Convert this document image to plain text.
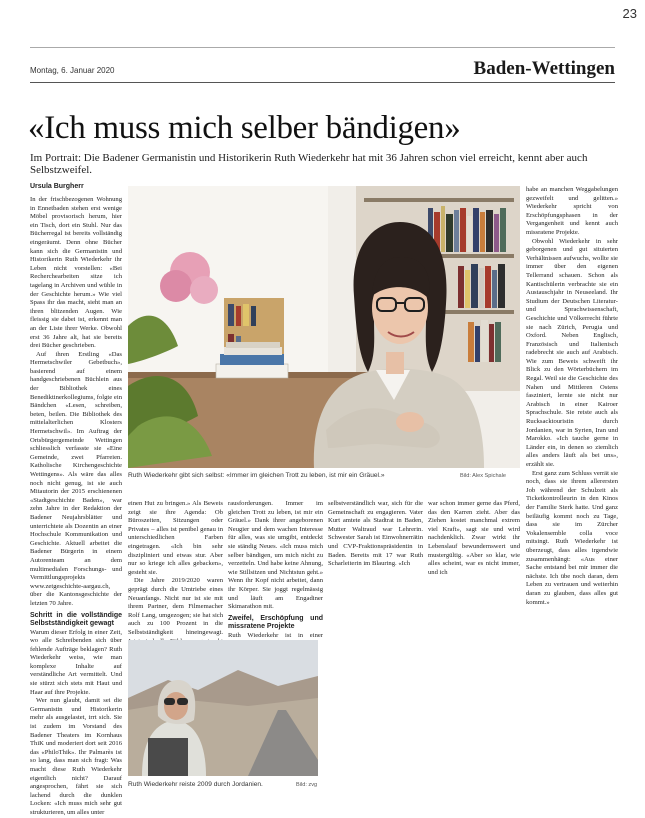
23
Montag, 6. Januar 2020	Baden-Wettingen
«Ich muss mich selber bändigen»
Im Portrait: Die Badener Germanistin und Historikerin Ruth Wiederkehr hat mit 36 Jahren schon viel erreicht, kennt aber auch Selbstzweifel.
Ursula Burgherr

In der frischbezogenen Wohnung in Ennetbaden stehen erst wenige Möbel provisorisch herum, hier ein Tisch, dort ein Stuhl. Nur das Bücherregal ist bereits vollständig eingeräumt. Denn ohne Bücher kann sich die Germanistin und Historikerin Ruth Wiederkehr ihr Leben nicht vorstellen: «Bei Recherchearbeiten sitze ich tagelang in Archiven und wühle in der Geschichte herum.» Wie viel Spass ihr das macht, sieht man an ihren blitzenden Augen. Wie fleissig sie dabei ist, erkennt man an der Liste ihrer Werke. Obwohl erst 36 Jahre alt, hat sie bereits drei Bücher geschrieben.

Auf ihren Erstling «Das Hermetschwiler Gebetbuch», basierend auf einem handgeschriebenen Büchlein aus der Bibliothek eines Benediktinerkollegiums, folgte ein Bändchen «Lesen, schreiben, beten, beilen. Die Bibliothek des mittelalterlichen Klosters Hermetschwil». Im Auftrag der Ortsbürgergemeinde Wettingen schliesslich verfasste sie «Eine Gemeinde, zwei Pfarreien. Katholische Kirchengeschichte Wettingens». Als wäre das alles noch nicht genug, ist sie auch Mitautorin der 2015 erschienenen «Stadtgeschichte Baden», war zehn Jahre in der Redaktion der Badener Neujahrsblätter und unterrichtete als Dozentin an einer Hochschule Kommunikation und Geschichte. Aktuell arbeitet die Badener Bürgerin in einem Autorenteam an dem multimedialen Forschungs- und Vermittlungsprojekts www.zetgeschichte-aargau.ch, über die Kantonsgeschichte der letzten 70 Jahre.

Schritt in die vollständige Selbstständigkeit gewagt

Warum dieser Erfolg in einer Zeit, wo alle Schreibenden sich über fehlende Aufträge beklagen? Ruth Wiederkehr weiss, wie man komplexe Inhalte auf verständliche Art vermittelt. Und sie stürzt sich stets mit Haut und Haar auf ihre Projekte.

Wer nun glaubt, damit sei die Germanistin und Historikerin mehr als ausgelastet, irrt sich. Sie ist zudem im Vorstand des Badener Theaters im Kornhaus ThiK und moderiert dort seit 2016 das «PhiloThik». Ihr Palmarès ist so lang, dass man sich fragt: Was macht diese Ruth Wiederkehr eigentlich nicht? Darauf angesprochen, fährt sie sich lachend durch die dunklen Locken: «Ich muss mich sehr gut strukturieren, um alles unter

Ruth Wiederkehr gibt sich selbst: «Immer im gleichen Trott zu leben, ist mir ein Gräuel.»	Bild: Alex Spichale

einen Hut zu bringen.» Als Beweis zeigt sie ihre Agenda: Ob Büroszeiten, Sitzungen oder Privates – alles ist penibel genau in unterschiedlichen Farben eingetragen. «Ich bin sehr diszipliniert und etwas stur. Aber nur so kriege ich alles gebacken», gesteht sie.

Die Jahre 2019/2020 waren geprägt durch die Umtriebe eines Neuanfangs. Nicht nur ist sie mit ihrem Partner, dem Filmemacher Rolf Lang, umgezogen; sie hat sich auch zu 100 Prozent in die Selbstständigkeit hineingewagt.

rausforderungen. Immer im gleichen Trott zu leben, ist mir ein Gräuel.» Dank ihrer angeborenen Neugier und dem wachen Interesse für alles, was sie umgibt, entdeckt sie ständig Neues. «Ich muss mich selber bändigen, um mich nicht zu verzetteln. Und habe keine Ahnung, wie Stillsitzen und Nichtstun geht.» Wenn ihr Kopf nicht arbeitet, dann ihr Körper. Sie joggt regelmässig und läuft am Engadiner Skimarathon mit.

Zweifel, Erschöpfung und missratene Projekte

Ruth Wiederkehr ist in einer

selbstverständlich war, sich für die Gemeinschaft zu engagieren. Vater Kurt amtete als Stadtrat in Baden, Mutter Waltraud war Lehrerin. Schwester Sarah ist Einwohnerrätin und CVP-Fraktionspräsidentin in Baden. Bereits mit 17 war Ruth Scharleiterin im Blauring. «Ich

war schon immer gerne das Pferd, das den Karren zieht. Aber das Ziehen kostet manchmal extrem viel Kraft», sagt sie und wird nachdenklich. Zwar wirkt ihr Lebenslauf bewundernswert und mustergültig. «Aber so klar, wie alles scheint, war es nicht immer, und ich

Ruth Wiederkehr reiste 2009 durch Jordanien.	Bild: zvg

habe an manchen Weggabelungen gezweifelt und gelitten.» Wiederkehr spricht von Erschöpfungsphasen in der Vergangenheit und kennt auch missratene Projekte.

Obwohl Wiederkehr in sehr geborgenen und gut situierten Verhältnissen aufwuchs, wollte sie immer über den eigenen Tellerrand schauen. Schon als Kantischülerin verbrachte sie ein Austauschjahr in Neuseeland. Ihr Studium der Deutschen Literatur- und Sprachwissenschaft, Geschichte und Völkerrecht führte sie nach Zürich, Perugia und Oxford. Neben Englisch, Französisch und Italienisch radebrecht sie auch auf Arabisch. Wie zum Beweis schweift ihr Blick zu den Wörterbüchern im Regal. Weil sie die Geschichte des Nahen und Mittleren Ostens fasziniert, lernte sie nicht nur Arabisch in einer Kairoer Sprachschule. Sie reiste auch als Rucksacktouristin durch Jordanien, war in Syrien, Iran und Marokko. «Ich tauche gerne in Länder ein, in denen so ziemlich alles anders läuft als bei uns», erzählt sie.

Erst ganz zum Schluss verrät sie noch, dass sie ihrem allerersten Job während der Schulzeit als Ticketkontrolleurin in den Kinos der Familie Sterk hatte. Und ganz beiläufig kommt noch zu Tage, dass sie im Zürcher Vokalensemble colla voce mitsingt. Ruth Wiederkehr ist überzeugt, dass alles irgendwie zusammenhängt: «Aus einer Sache entstand bei mir immer die nächste. Ich übe noch daran, dem Leben zu vertrauen und weiterhin daran zu glauben, dass alles gut kommt.»
